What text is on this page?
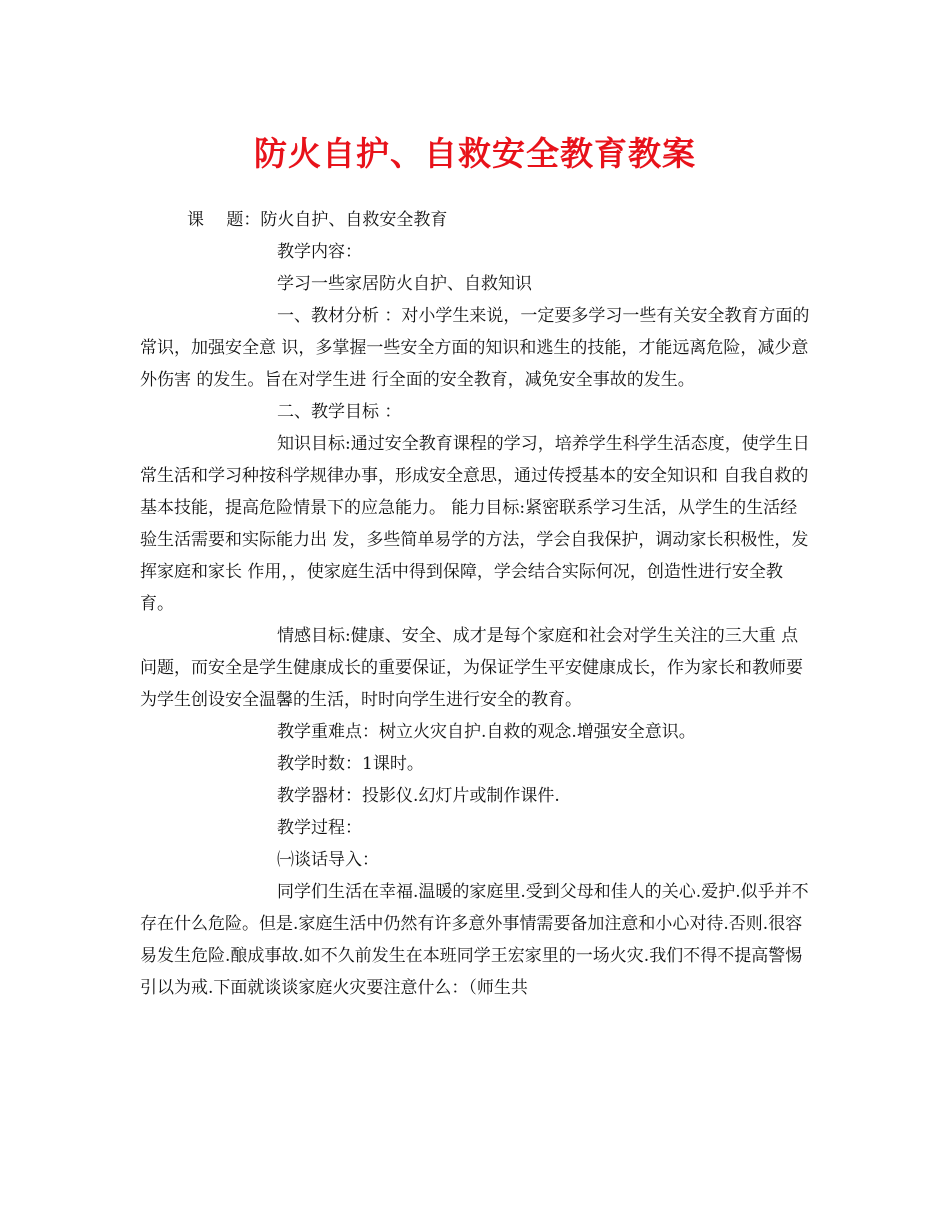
防火自护、自救安全教育教案

课　 题：防火自护、自救安全教育

教学内容：

学习一些家居防火自护、自救知识

一、教材分析 ：对小学生来说，一定要多学习一些有关安全教育方面的常识，加强安全意 识，多掌握一些安全方面的知识和逃生的技能，才能远离危险，减少意外伤害 的发生。旨在对学生进 行全面的安全教育，减免安全事故的发生。

二、教学目标 ：

知识目标:通过安全教育课程的学习，培养学生科学生活态度，使学生日 常生活和学习种按科学规律办事，形成安全意思，通过传授基本的安全知识和 自我自救的基本技能，提高危险情景下的应急能力。 能力目标:紧密联系学习生活，从学生的生活经验生活需要和实际能力出 发，多些简单易学的方法，学会自我保护，调动家长积极性，发挥家庭和家长 作用，，使家庭生活中得到保障，学会结合实际何况，创造性进行安全教育。

情感目标:健康、安全、成才是每个家庭和社会对学生关注的三大重 点问题，而安全是学生健康成长的重要保证，为保证学生平安健康成长，作为家长和教师要为学生创设安全温馨的生活，时时向学生进行安全的教育。

教学重难点：树立火灾自护.自救的观念.增强安全意识。

教学时数：1课时。

教学器材：投影仪.幻灯片或制作课件.

教学过程：

㈠谈话导入：

同学们生活在幸福.温暖的家庭里.受到父母和佳人的关心.爱护.似乎并不存在什么危险。但是.家庭生活中仍然有许多意外事情需要备加注意和小心对待.否则.很容易发生危险.酿成事故.如不久前发生在本班同学王宏家里的一场火灾.我们不得不提高警惕引以为戒.下面就谈谈家庭火灾要注意什么：（师生共
